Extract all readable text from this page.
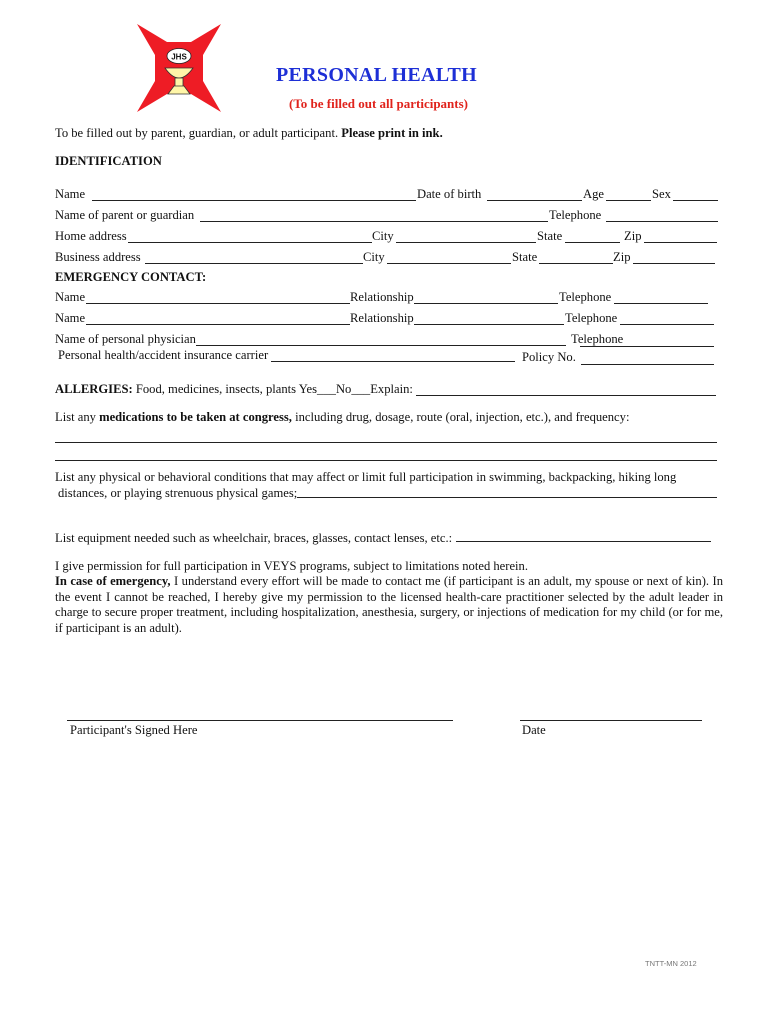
JHS
PERSONAL HEALTH
(To be filled out all participants)
To be filled out by parent, guardian, or adult participant. Please print in ink.
IDENTIFICATION
Name	Date of birth	Age	Sex
Name of parent or guardian	Telephone
Home address	City	State	Zip
Business address	City	State	Zip
EMERGENCY CONTACT:
Name	Relationship	Telephone
Name	Relationship	Telephone
Name of personal physician	Telephone
Personal health/accident insurance carrier	Policy No.
ALLERGIES: Food, medicines, insects, plants Yes___No___Explain:
List any medications to be taken at congress, including drug, dosage, route (oral, injection, etc.), and frequency:
List any physical or behavioral conditions that may affect or limit full participation in swimming, backpacking, hiking long
distances, or playing strenuous physical games;
List equipment needed such as wheelchair, braces, glasses, contact lenses, etc.:
I give permission for full participation in VEYS programs, subject to limitations noted herein.
In case of emergency, I understand every effort will be made to contact me (if participant is an adult, my spouse or next of kin). In the event I cannot be reached, I hereby give my permission to the licensed health-care practitioner selected by the adult leader in charge to secure proper treatment, including hospitalization, anesthesia, surgery, or injections of medication for my child (or for me, if participant is an adult).
Participant's Signed Here	Date
TNTT-MN 2012
